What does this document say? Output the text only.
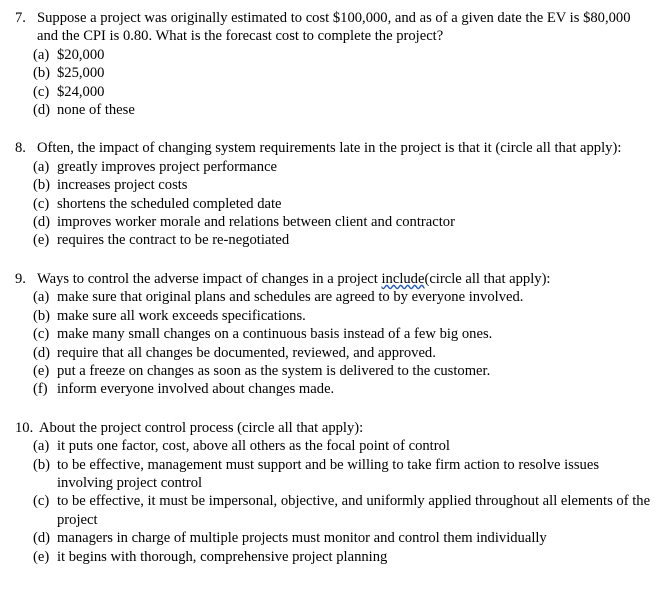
7. Suppose a project was originally estimated to cost $100,000, and as of a given date the EV is $80,000 and the CPI is 0.80. What is the forecast cost to complete the project?
(a) $20,000
(b) $25,000
(c) $24,000
(d) none of these
8. Often, the impact of changing system requirements late in the project is that it (circle all that apply):
(a) greatly improves project performance
(b) increases project costs
(c) shortens the scheduled completed date
(d) improves worker morale and relations between client and contractor
(e) requires the contract to be re-negotiated
9. Ways to control the adverse impact of changes in a project include(circle all that apply):
(a) make sure that original plans and schedules are agreed to by everyone involved.
(b) make sure all work exceeds specifications.
(c) make many small changes on a continuous basis instead of a few big ones.
(d) require that all changes be documented, reviewed, and approved.
(e) put a freeze on changes as soon as the system is delivered to the customer.
(f) inform everyone involved about changes made.
10. About the project control process (circle all that apply):
(a) it puts one factor, cost, above all others as the focal point of control
(b) to be effective, management must support and be willing to take firm action to resolve issues involving project control
(c) to be effective, it must be impersonal, objective, and uniformly applied throughout all elements of the project
(d) managers in charge of multiple projects must monitor and control them individually
(e) it begins with thorough, comprehensive project planning
